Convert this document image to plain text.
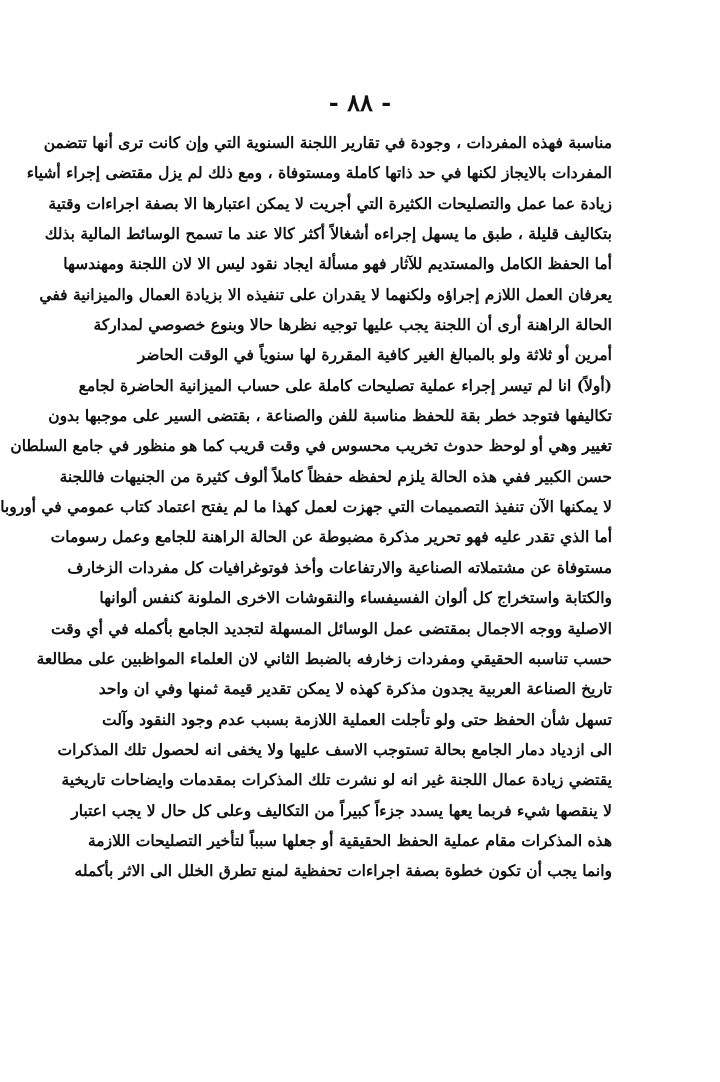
- ٨٨ -
مناسبة فهذه المفردات ، وجودة في تقارير اللجنة السنوية التي وإن كانت ترى أنها تتضمن
المفردات بالايجاز لكنها في حد ذاتها كاملة ومستوفاة ، ومع ذلك لم يزل مقتضى إجراء أشياء
زيادة عما عمل والتصليحات الكثيرة التي أجريت لا يمكن اعتبارها الا بصفة اجراءات وقتية
بتكاليف قليلة ، طبق ما يسهل إجراءه أشغالاً أكثر كالا عند ما تسمح الوسائط المالية بذلك
أما الحفظ الكامل والمستديم للآثار فهو مسألة ايجاد نقود ليس الا لان اللجنة ومهندسها
يعرفان العمل اللازم إجراؤه ولكنهما لا يقدران على تنفيذه الا بزيادة العمال والميزانية ففي
الحالة الراهنة أرى أن اللجنة يجب عليها توجيه نظرها حالا وبنوع خصوصي لمداركة
أمرين أو ثلاثة ولو بالمبالغ الغير كافية المقررة لها سنوياً في الوقت الحاضر
(أولاً) انا لم تيسر إجراء عملية تصليحات كاملة على حساب الميزانية الحاضرة لجامع
تكاليفها فتوجد خطر بقة للحفظ مناسبة للفن والصناعة ، بقتضى السير على موجبها بدون
تغيير وهي أو لوحظ حدوث تخريب محسوس في وقت قريب كما هو منظور في جامع السلطان
حسن الكبير ففي هذه الحالة يلزم لحفظه حفظاً كاملاً ألوف كثيرة من الجنيهات فاللجنة
لا يمكنها الآن تنفيذ التصميمات التي جهزت لعمل كهذا ما لم يفتح اعتماد كتاب عمومي في أوروبا
أما الذي تقدر عليه فهو تحرير مذكرة مضبوطة عن الحالة الراهنة للجامع وعمل رسومات
مستوفاة عن مشتملاته الصناعية والارتفاعات وأخذ فوتوغرافيات كل مفردات الزخارف
والكتابة واستخراج كل ألوان الفسيفساء والنقوشات الاخرى الملونة كنفس ألوانها
الاصلية ووجه الاجمال بمقتضى عمل الوسائل المسهلة لتجديد الجامع بأكمله في أي وقت
حسب تناسبه الحقيقي ومفردات زخارفه بالضبط الثاني لان العلماء المواظبين على مطالعة
تاريخ الصناعة العربية يجدون مذكرة كهذه لا يمكن تقدير قيمة ثمنها وفي ان واحد
تسهل شأن الحفظ حتى ولو تأجلت العملية اللازمة بسبب عدم وجود النقود وآلت
الى ازدياد دمار الجامع بحالة تستوجب الاسف عليها ولا يخفى انه لحصول تلك المذكرات
يقتضي زيادة عمال اللجنة غير انه لو نشرت تلك المذكرات بمقدمات وايضاحات تاريخية
لا ينقصها شيء فربما يعها يسدد جزءاً كبيراً من التكاليف وعلى كل حال لا يجب اعتبار
هذه المذكرات مقام عملية الحفظ الحقيقية أو جعلها سبباً لتأخير التصليحات اللازمة
وانما يجب أن تكون خطوة بصفة اجراءات تحفظية لمنع تطرق الخلل الى الاثر بأكمله
